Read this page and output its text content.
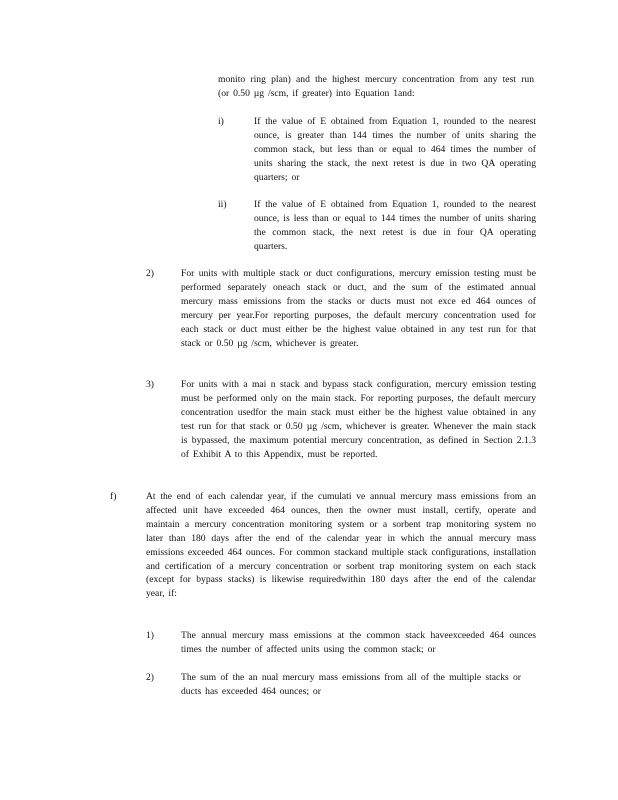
monito ring plan) and the highest mercury concentration from any test run (or 0.50 µg /scm, if greater) into Equation 1and:

i)	If the value of E obtained from Equation 1, rounded to the nearest ounce, is greater than 144 times the number of units sharing the common stack, but less than or equal to 464 times the number of units sharing the stack, the next retest is due in two QA operating quarters; or

ii)	If the value of E obtained from Equation 1, rounded to the nearest ounce, is less than or equal to 144 times the number of units sharing the common stack, the next retest is due in four QA operating quarters.

2)	For units with multiple stack or duct configurations, mercury emission testing must be performed separately oneach stack or duct, and the sum of the estimated annual mercury mass emissions from the stacks or ducts must not exce ed 464 ounces of mercury per year.For reporting purposes, the default mercury concentration used for each stack or duct must either be the highest value obtained in any test run for that stack or 0.50 µg /scm, whichever is greater.

3)	For units with a mai n stack and bypass stack configuration, mercury emission testing must be performed only on the main stack. For reporting purposes, the default mercury concentration usedfor the main stack must either be the highest value obtained in any test run for that stack or 0.50 µg /scm, whichever is greater. Whenever the main stack is bypassed, the maximum potential mercury concentration, as defined in Section 2.1.3 of Exhibit A to this Appendix, must be reported.

f)	At the end of each calendar year, if the cumulati ve annual mercury mass emissions from an affected unit have exceeded 464 ounces, then the owner must install, certify, operate and maintain a mercury concentration monitoring system or a sorbent trap monitoring system no later than 180 days after the end of the calendar year in which the annual mercury mass emissions exceeded 464 ounces. For common stackand multiple stack configurations, installation and certification of a mercury concentration or sorbent trap monitoring system on each stack (except for bypass stacks) is likewise requiredwithin 180 days after the end of the calendar year, if:

1)	The annual mercury mass emissions at the common stack haveexceeded 464 ounces times the number of affected units using the common stack; or

2)	The sum of the an nual mercury mass emissions from all of the multiple stacks or ducts has exceeded 464 ounces; or
